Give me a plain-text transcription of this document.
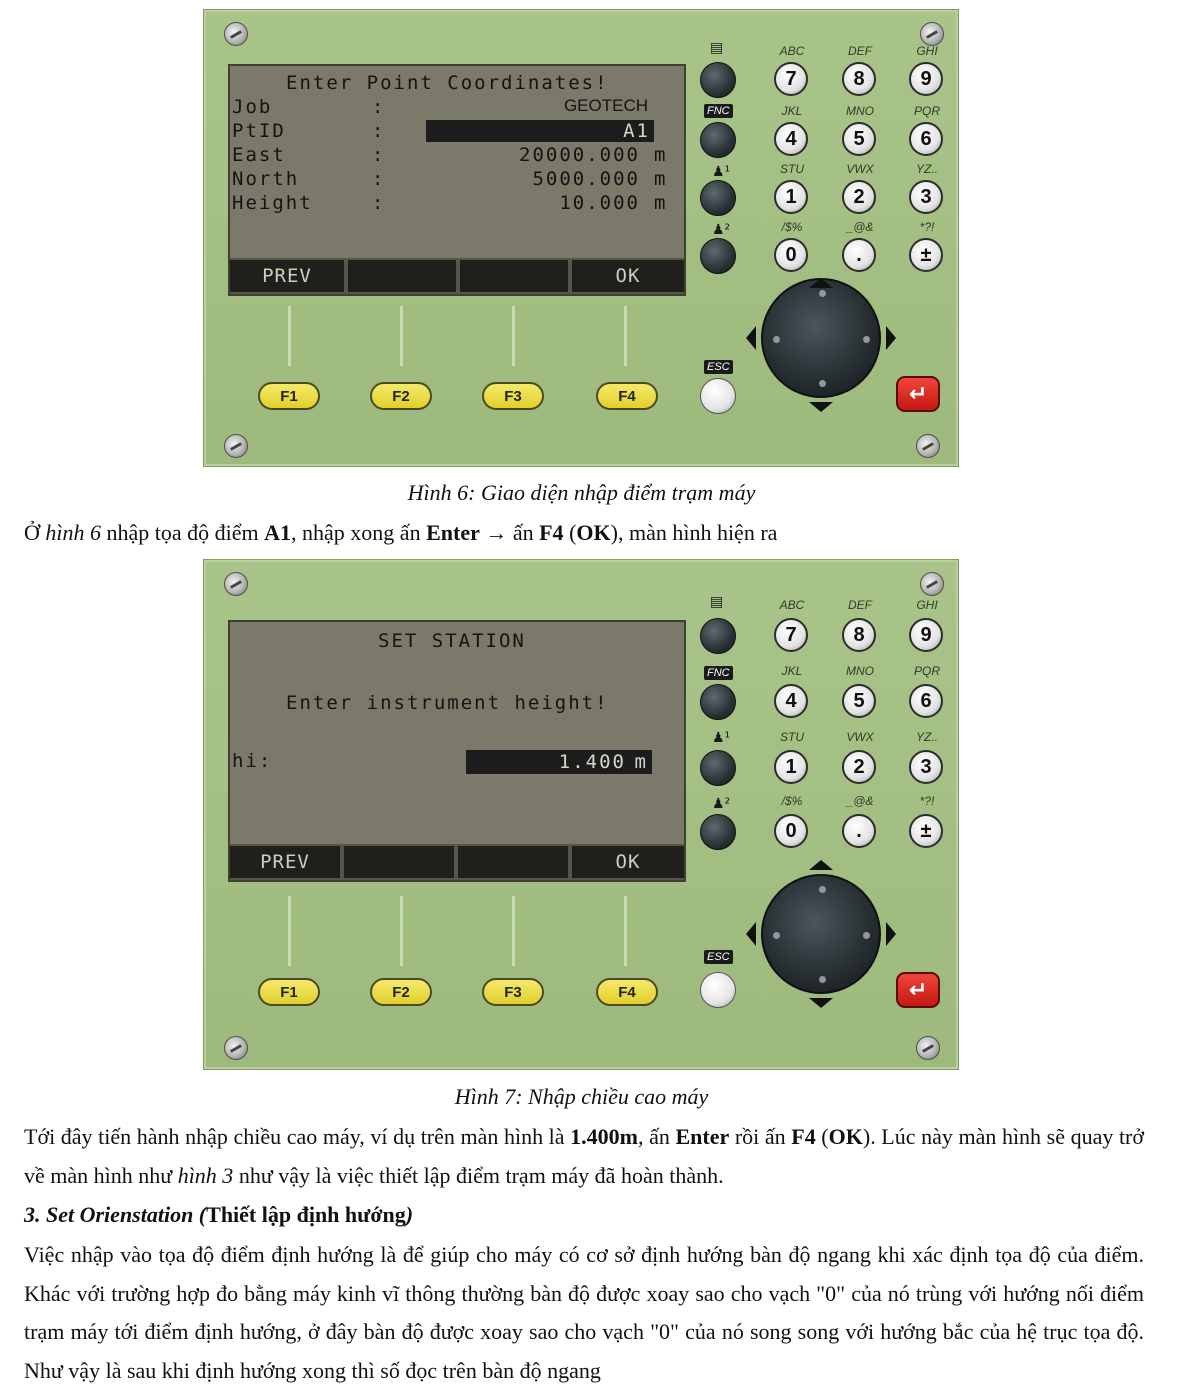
Enter Point Coordinates!
Job	:	GEOTECH
PtID	:	A1
East	:	20000.000 m
North	:	5000.000 m
Height	:	10.000 m
PREV	OK
F1	F2	F3	F4
▤
FNC
♟¹
♟²
ABC	DEF	GHI
7	8	9
JKL	MNO	PQR
4	5	6
STU	VWX	YZ..
1	2	3
/$%	_@&	*?!
0	.	±
ESC
↵
Hình 6: Giao diện nhập điểm trạm máy
Ở hình 6 nhập tọa độ điểm A1, nhập xong ấn Enter → ấn F4 (OK), màn hình hiện ra
SET STATION
Enter instrument height!
hi:	1.400 m
PREV	OK
F1	F2	F3	F4
▤
FNC
♟¹
♟²
ABC	DEF	GHI
7	8	9
JKL	MNO	PQR
4	5	6
STU	VWX	YZ..
1	2	3
/$%	_@&	*?!
0	.	±
ESC
↵
Hình 7: Nhập chiều cao máy
Tới đây tiến hành nhập chiều cao máy, ví dụ trên màn hình là 1.400m, ấn Enter rồi ấn F4 (OK). Lúc này màn hình sẽ quay trở về màn hình như hình 3 như vậy là việc thiết lập điểm trạm máy đã hoàn thành.
3. Set Orienstation (Thiết lập định hướng)
Việc nhập vào tọa độ điểm định hướng là để giúp cho máy có cơ sở định hướng bàn độ ngang khi xác định tọa độ của điểm. Khác với trường hợp đo bằng máy kinh vĩ thông thường bàn độ được xoay sao cho vạch "0" của nó trùng với hướng nối điểm trạm máy tới điểm định hướng, ở đây bàn độ được xoay sao cho vạch "0" của nó song song với hướng bắc của hệ trục tọa độ. Như vậy là sau khi định hướng xong thì số đọc trên bàn độ ngang
